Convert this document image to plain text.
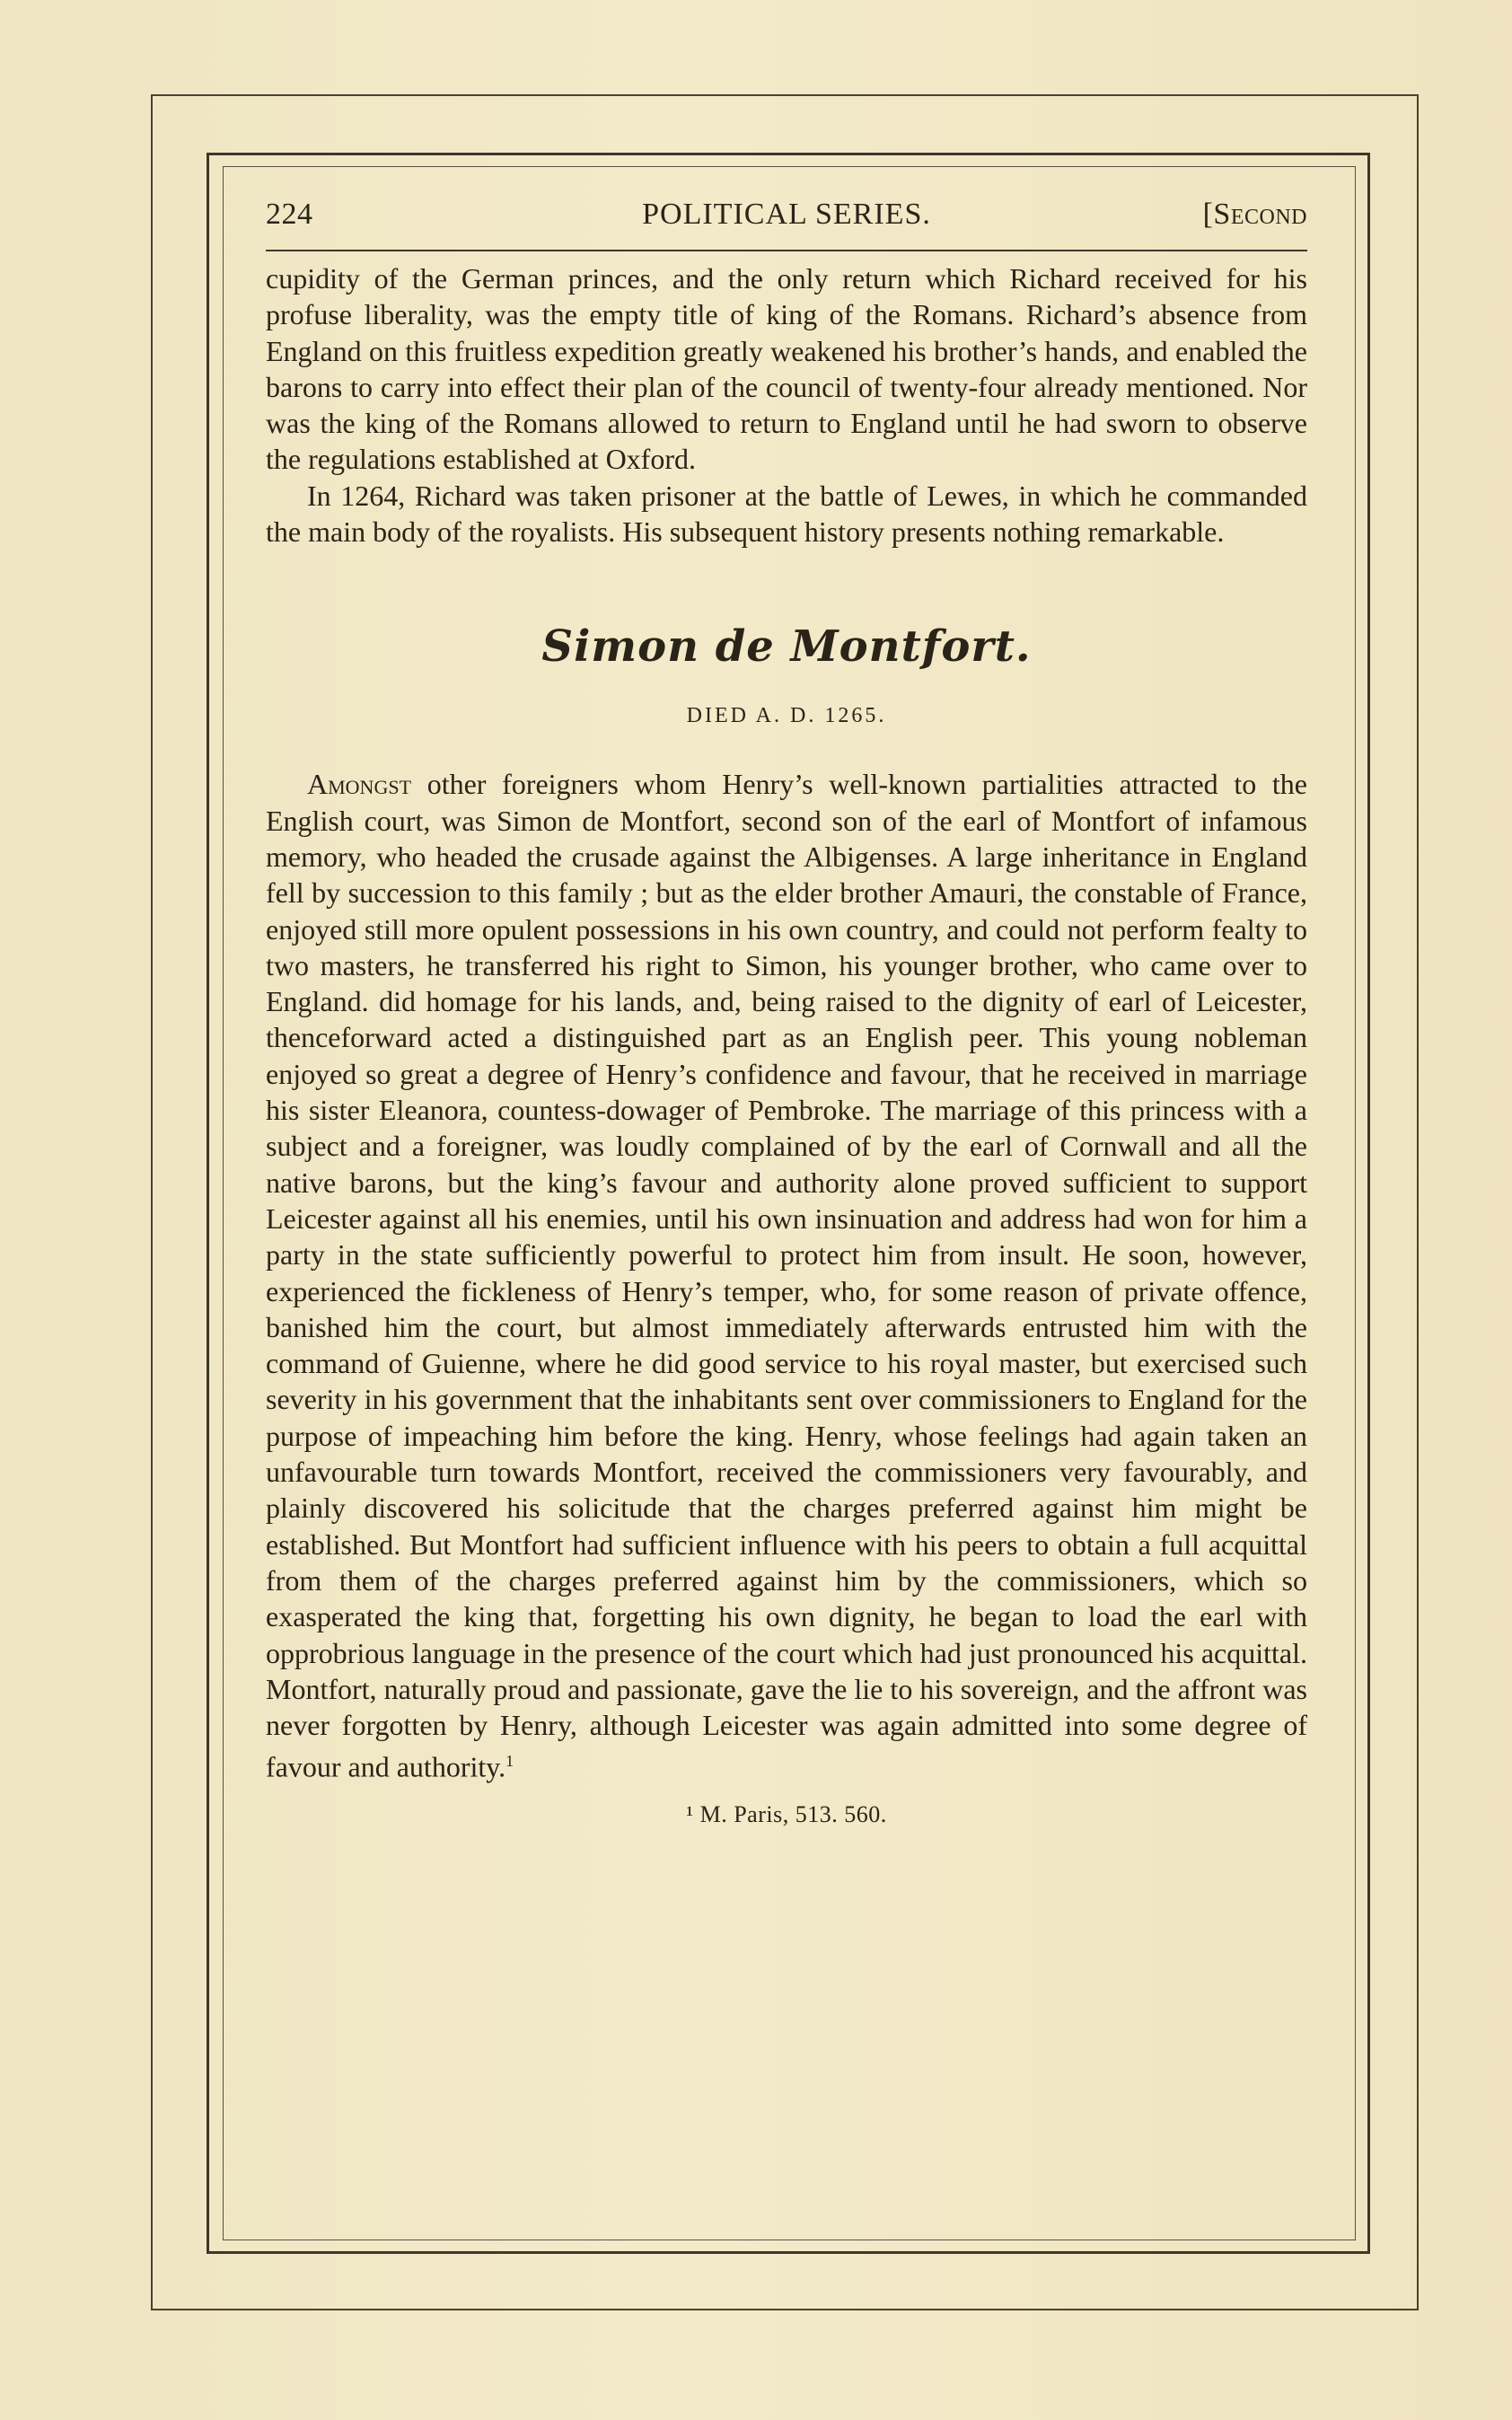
224	POLITICAL SERIES.	[Second

cupidity of the German princes, and the only return which Richard received for his profuse liberality, was the empty title of king of the Romans. Richard’s absence from England on this fruitless expedition greatly weakened his brother’s hands, and enabled the barons to carry into effect their plan of the council of twenty-four already mentioned. Nor was the king of the Romans allowed to return to England until he had sworn to observe the regulations established at Oxford.

In 1264, Richard was taken prisoner at the battle of Lewes, in which he commanded the main body of the royalists. His subsequent history presents nothing remarkable.

Simon de Montfort.
DIED A. D. 1265.

Amongst other foreigners whom Henry’s well-known partialities attracted to the English court, was Simon de Montfort, second son of the earl of Montfort of infamous memory, who headed the crusade against the Albigenses. A large inheritance in England fell by succession to this family ; but as the elder brother Amauri, the constable of France, enjoyed still more opulent possessions in his own country, and could not perform fealty to two masters, he transferred his right to Simon, his younger brother, who came over to England. did homage for his lands, and, being raised to the dignity of earl of Leicester, thenceforward acted a distinguished part as an English peer. This young nobleman enjoyed so great a degree of Henry’s confidence and favour, that he received in marriage his sister Eleanora, countess-dowager of Pembroke. The marriage of this princess with a subject and a foreigner, was loudly complained of by the earl of Cornwall and all the native barons, but the king’s favour and authority alone proved sufficient to support Leicester against all his enemies, until his own insinuation and address had won for him a party in the state sufficiently powerful to protect him from insult. He soon, however, experienced the fickleness of Henry’s temper, who, for some reason of private offence, banished him the court, but almost immediately afterwards entrusted him with the command of Guienne, where he did good service to his royal master, but exercised such severity in his government that the inhabitants sent over commissioners to England for the purpose of impeaching him before the king. Henry, whose feelings had again taken an unfavourable turn towards Montfort, received the commissioners very favourably, and plainly discovered his solicitude that the charges preferred against him might be established. But Montfort had sufficient influence with his peers to obtain a full acquittal from them of the charges preferred against him by the commissioners, which so exasperated the king that, forgetting his own dignity, he began to load the earl with opprobrious language in the presence of the court which had just pronounced his acquittal. Montfort, naturally proud and passionate, gave the lie to his sovereign, and the affront was never forgotten by Henry, although Leicester was again admitted into some degree of favour and authority.$^1$

¹ M. Paris, 513. 560.
